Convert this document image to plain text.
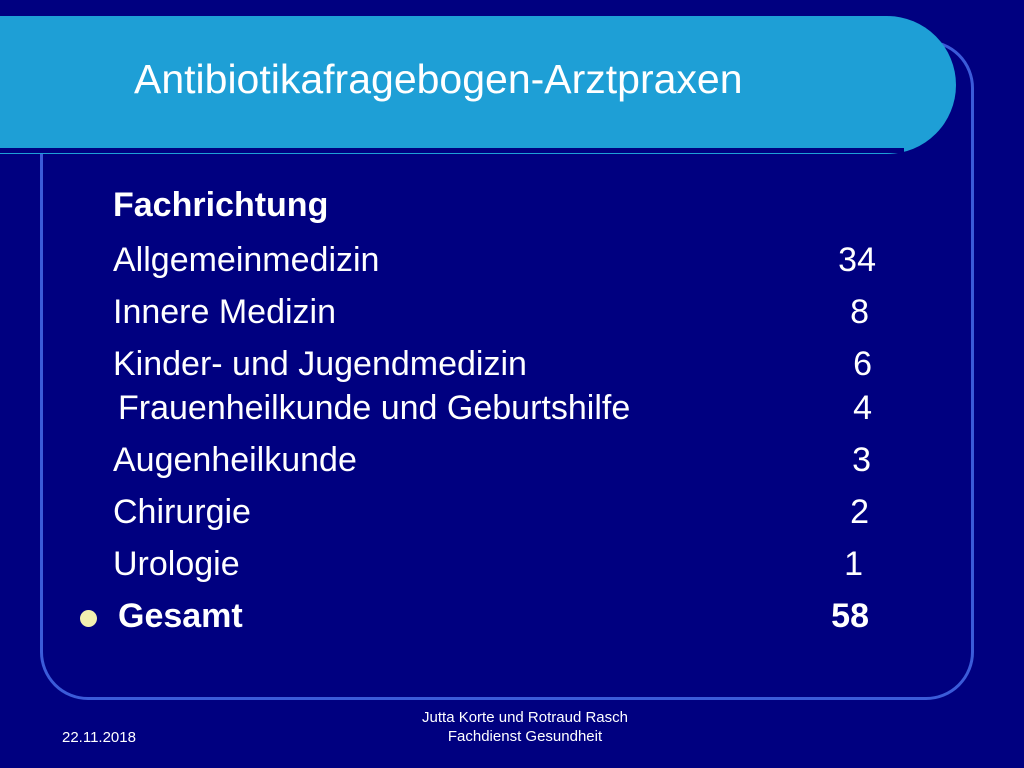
Antibiotikafragebogen-Arztpraxen
Fachrichtung
Allgemeinmedizin	34
Innere Medizin	8
Kinder- und Jugendmedizin	6
Frauenheilkunde und Geburtshilfe	4
Augenheilkunde	3
Chirurgie	2
Urologie	1
Gesamt	58
22.11.2018
Jutta Korte und Rotraud Rasch
Fachdienst Gesundheit
